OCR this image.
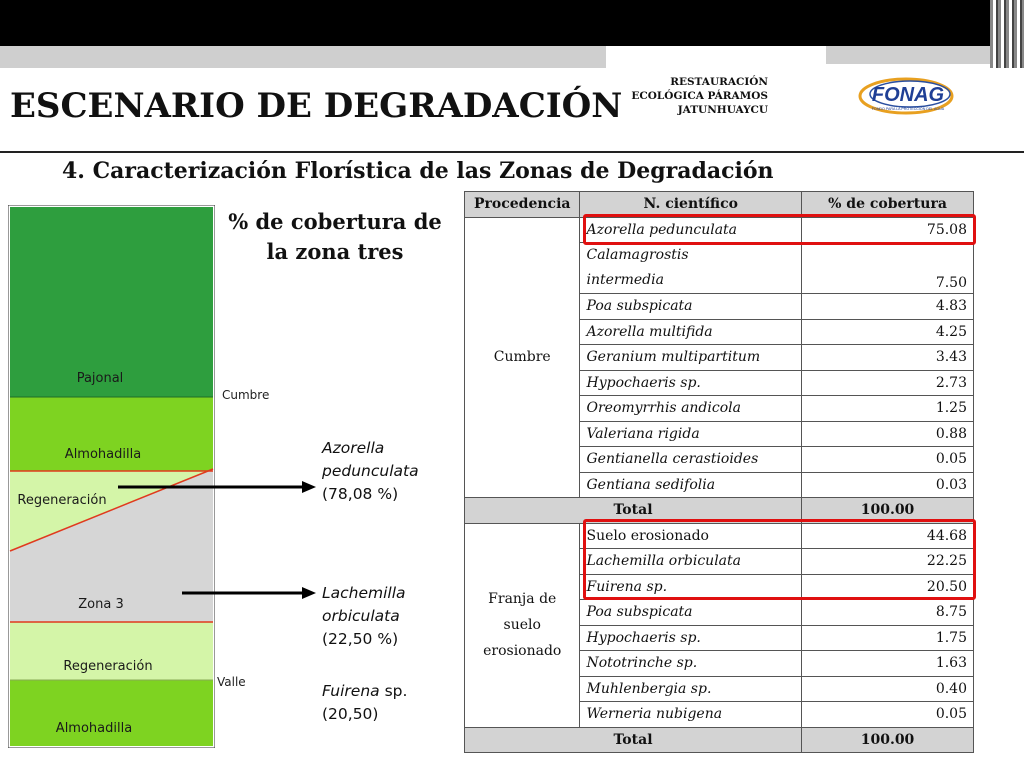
ESCENARIO DE DEGRADACIÓN
RESTAURACIÓN
ECOLÓGICA PÁRAMOS
JATUNHUAYCU
FONAG
FONDO PARA LA PROTECCIÓN DEL AGUA
4. Caracterización Florística de las Zonas de Degradación
% de cobertura de
la zona tres
Pajonal
Almohadilla
Regeneración
Zona 3
Regeneración
Almohadilla
Cumbre
Valle
Azorella
pedunculata
(78,08 %)
Lachemilla
orbiculata
(22,50 %)
Fuirena sp.
(20,50)
Procedencia	N. científico	% de cobertura
Cumbre	Azorella pedunculata	75.08

	Calamagrostis
intermedia	7.50
	Poa subspicata	4.83
	Azorella multifida	4.25
	Geranium multipartitum	3.43
	Hypochaeris sp.	2.73
	Oreomyrrhis andicola	1.25
	Valeriana rigida	0.88
	Gentianella cerastioides	0.05
	Gentiana sedifolia	0.03
Total		100.00

Franja de
suelo
erosionado	Suelo erosionado	44.68
	Lachemilla orbiculata	22.25
	Fuirena sp.	20.50
	Poa subspicata	8.75
	Hypochaeris sp.	1.75
	Nototrinche sp.	1.63
	Muhlenbergia sp.	0.40
	Werneria nubigena	0.05
Total		100.00
